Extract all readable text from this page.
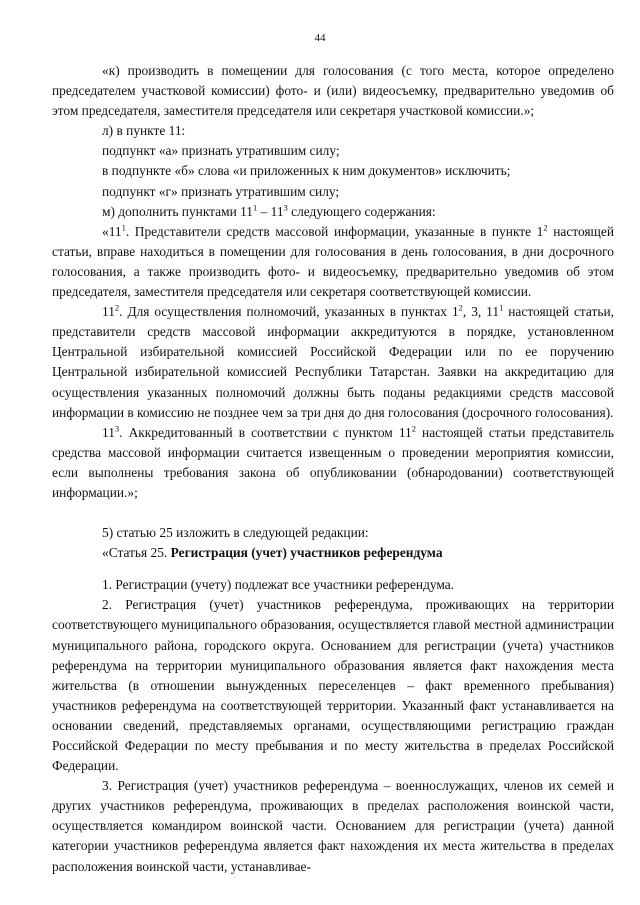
44

«к) производить в помещении для голосования (с того места, которое определено председателем участковой комиссии) фото- и (или) видеосъемку, предварительно уведомив об этом председателя, заместителя председателя или секретаря участковой комиссии.»;

л) в пункте 11:

подпункт «а» признать утратившим силу;

в подпункте «б» слова «и приложенных к ним документов» исключить;

подпункт «г» признать утратившим силу;

м) дополнить пунктами $11^1 - 11^3$ следующего содержания:

«$11^1$. Представители средств массовой информации, указанные в пункте $1^2$ настоящей статьи, вправе находиться в помещении для голосования в день голосования, в дни досрочного голосования, а также производить фото- и видеосъемку, предварительно уведомив об этом председателя, заместителя председателя или секретаря соответствующей комиссии.

$11^2$. Для осуществления полномочий, указанных в пунктах $1^2$, 3, $11^1$ настоящей статьи, представители средств массовой информации аккредитуются в порядке, установленном Центральной избирательной комиссией Российской Федерации или по ее поручению Центральной избирательной комиссией Республики Татарстан. Заявки на аккредитацию для осуществления указанных полномочий должны быть поданы редакциями средств массовой информации в комиссию не позднее чем за три дня до дня голосования (досрочного голосования).

$11^3$. Аккредитованный в соответствии с пунктом $11^2$ настоящей статьи представитель средства массовой информации считается извещенным о проведении мероприятия комиссии, если выполнены требования закона об опубликовании (обнародовании) соответствующей информации.»;

5) статью 25 изложить в следующей редакции:

«Статья 25. Регистрация (учет) участников референдума

1. Регистрации (учету) подлежат все участники референдума.

2. Регистрация (учет) участников референдума, проживающих на территории соответствующего муниципального образования, осуществляется главой местной администрации муниципального района, городского округа. Основанием для регистрации (учета) участников референдума на территории муниципального образования является факт нахождения места жительства (в отношении вынужденных переселенцев – факт временного пребывания) участников референдума на соответствующей территории. Указанный факт устанавливается на основании сведений, представляемых органами, осуществляющими регистрацию граждан Российской Федерации по месту пребывания и по месту жительства в пределах Российской Федерации.

3. Регистрация (учет) участников референдума – военнослужащих, членов их семей и других участников референдума, проживающих в пределах расположения воинской части, осуществляется командиром воинской части. Основанием для регистрации (учета) данной категории участников референдума является факт нахождения их места жительства в пределах расположения воинской части, устанавливае-
